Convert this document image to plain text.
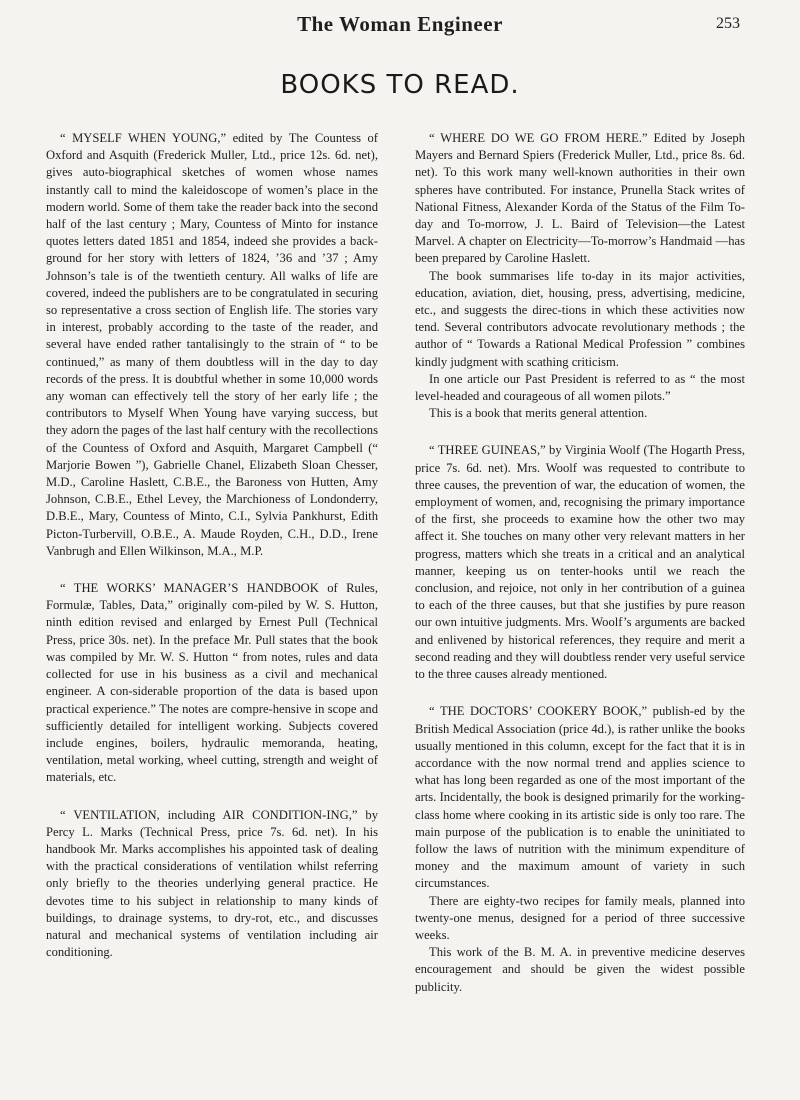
The Woman Engineer	253
BOOKS TO READ.

“ MYSELF WHEN YOUNG,” edited by The Countess of Oxford and Asquith (Frederick Muller, Ltd., price 12s. 6d. net), gives auto-biographical sketches of women whose names instantly call to mind the kaleidoscope of women’s place in the modern world. Some of them take the reader back into the second half of the last century ; Mary, Countess of Minto for instance quotes letters dated 1851 and 1854, indeed she provides a back-ground for her story with letters of 1824, ’36 and ’37 ; Amy Johnson’s tale is of the twentieth century. All walks of life are covered, indeed the publishers are to be congratulated in securing so representative a cross section of English life. The stories vary in interest, probably according to the taste of the reader, and several have ended rather tantalisingly to the strain of “ to be continued,” as many of them doubtless will in the day to day records of the press. It is doubtful whether in some 10,000 words any woman can effectively tell the story of her early life ; the contributors to Myself When Young have varying success, but they adorn the pages of the last half century with the recollections of the Countess of Oxford and Asquith, Margaret Campbell (“ Marjorie Bowen ”), Gabrielle Chanel, Elizabeth Sloan Chesser, M.D., Caroline Haslett, C.B.E., the Baroness von Hutten, Amy Johnson, C.B.E., Ethel Levey, the Marchioness of Londonderry, D.B.E., Mary, Countess of Minto, C.I., Sylvia Pankhurst, Edith Picton-Turbervill, O.B.E., A. Maude Royden, C.H., D.D., Irene Vanbrugh and Ellen Wilkinson, M.A., M.P.

“ THE WORKS’ MANAGER’S HANDBOOK of Rules, Formulæ, Tables, Data,” originally com-piled by W. S. Hutton, ninth edition revised and enlarged by Ernest Pull (Technical Press, price 30s. net). In the preface Mr. Pull states that the book was compiled by Mr. W. S. Hutton “ from notes, rules and data collected for use in his business as a civil and mechanical engineer. A con-siderable proportion of the data is based upon practical experience.” The notes are compre-hensive in scope and sufficiently detailed for intelligent working. Subjects covered include engines, boilers, hydraulic memoranda, heating, ventilation, metal working, wheel cutting, strength and weight of materials, etc.

“ VENTILATION, including AIR CONDITION-ING,” by Percy L. Marks (Technical Press, price 7s. 6d. net). In his handbook Mr. Marks accomplishes his appointed task of dealing with the practical considerations of ventilation whilst referring only briefly to the theories underlying general practice. He devotes time to his subject in relationship to many kinds of buildings, to drainage systems, to dry-rot, etc., and discusses natural and mechanical systems of ventilation including air conditioning.

“ WHERE DO WE GO FROM HERE.” Edited by Joseph Mayers and Bernard Spiers (Frederick Muller, Ltd., price 8s. 6d. net). To this work many well-known authorities in their own spheres have contributed. For instance, Prunella Stack writes of National Fitness, Alexander Korda of the Status of the Film To-day and To-morrow, J. L. Baird of Television—the Latest Marvel. A chapter on Electricity—To-morrow’s Handmaid —has been prepared by Caroline Haslett.

The book summarises life to-day in its major activities, education, aviation, diet, housing, press, advertising, medicine, etc., and suggests the direc-tions in which these activities now tend. Several contributors advocate revolutionary methods ; the author of “ Towards a Rational Medical Profession ” combines kindly judgment with scathing criticism.

In one article our Past President is referred to as “ the most level-headed and courageous of all women pilots.”

This is a book that merits general attention.

“ THREE GUINEAS,” by Virginia Woolf (The Hogarth Press, price 7s. 6d. net). Mrs. Woolf was requested to contribute to three causes, the prevention of war, the education of women, the employment of women, and, recognising the primary importance of the first, she proceeds to examine how the other two may affect it. She touches on many other very relevant matters in her progress, matters which she treats in a critical and an analytical manner, keeping us on tenter-hooks until we reach the conclusion, and rejoice, not only in her contribution of a guinea to each of the three causes, but that she justifies by pure reason our own intuitive judgments. Mrs. Woolf’s arguments are backed and enlivened by historical references, they require and merit a second reading and they will doubtless render very useful service to the three causes already mentioned.

“ THE DOCTORS’ COOKERY BOOK,” publish-ed by the British Medical Association (price 4d.), is rather unlike the books usually mentioned in this column, except for the fact that it is in accordance with the now normal trend and applies science to what has long been regarded as one of the most important of the arts. Incidentally, the book is designed primarily for the working-class home where cooking in its artistic side is only too rare. The main purpose of the publication is to enable the uninitiated to follow the laws of nutrition with the minimum expenditure of money and the maximum amount of variety in such circumstances.

There are eighty-two recipes for family meals, planned into twenty-one menus, designed for a period of three successive weeks.

This work of the B. M. A. in preventive medicine deserves encouragement and should be given the widest possible publicity.
